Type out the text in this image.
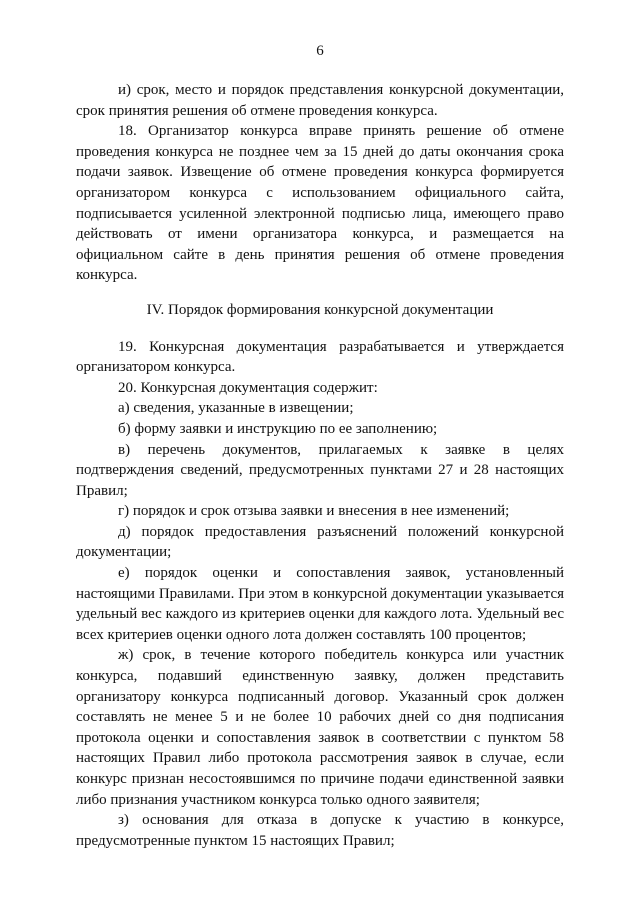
6

и) срок, место и порядок представления конкурсной документации, срок принятия решения об отмене проведения конкурса.

18. Организатор конкурса вправе принять решение об отмене проведения конкурса не позднее чем за 15 дней до даты окончания срока подачи заявок. Извещение об отмене проведения конкурса формируется организатором конкурса с использованием официального сайта, подписывается усиленной электронной подписью лица, имеющего право действовать от имени организатора конкурса, и размещается на официальном сайте в день принятия решения об отмене проведения конкурса.

IV. Порядок формирования конкурсной документации

19. Конкурсная документация разрабатывается и утверждается организатором конкурса.

20. Конкурсная документация содержит:

а) сведения, указанные в извещении;

б) форму заявки и инструкцию по ее заполнению;

в) перечень документов, прилагаемых к заявке в целях подтверждения сведений, предусмотренных пунктами 27 и 28 настоящих Правил;

г) порядок и срок отзыва заявки и внесения в нее изменений;

д) порядок предоставления разъяснений положений конкурсной документации;

е) порядок оценки и сопоставления заявок, установленный настоящими Правилами. При этом в конкурсной документации указывается удельный вес каждого из критериев оценки для каждого лота. Удельный вес всех критериев оценки одного лота должен составлять 100 процентов;

ж) срок, в течение которого победитель конкурса или участник конкурса, подавший единственную заявку, должен представить организатору конкурса подписанный договор. Указанный срок должен составлять не менее 5 и не более 10 рабочих дней со дня подписания протокола оценки и сопоставления заявок в соответствии с пунктом 58 настоящих Правил либо протокола рассмотрения заявок в случае, если конкурс признан несостоявшимся по причине подачи единственной заявки либо признания участником конкурса только одного заявителя;

з) основания для отказа в допуске к участию в конкурсе, предусмотренные пунктом 15 настоящих Правил;
